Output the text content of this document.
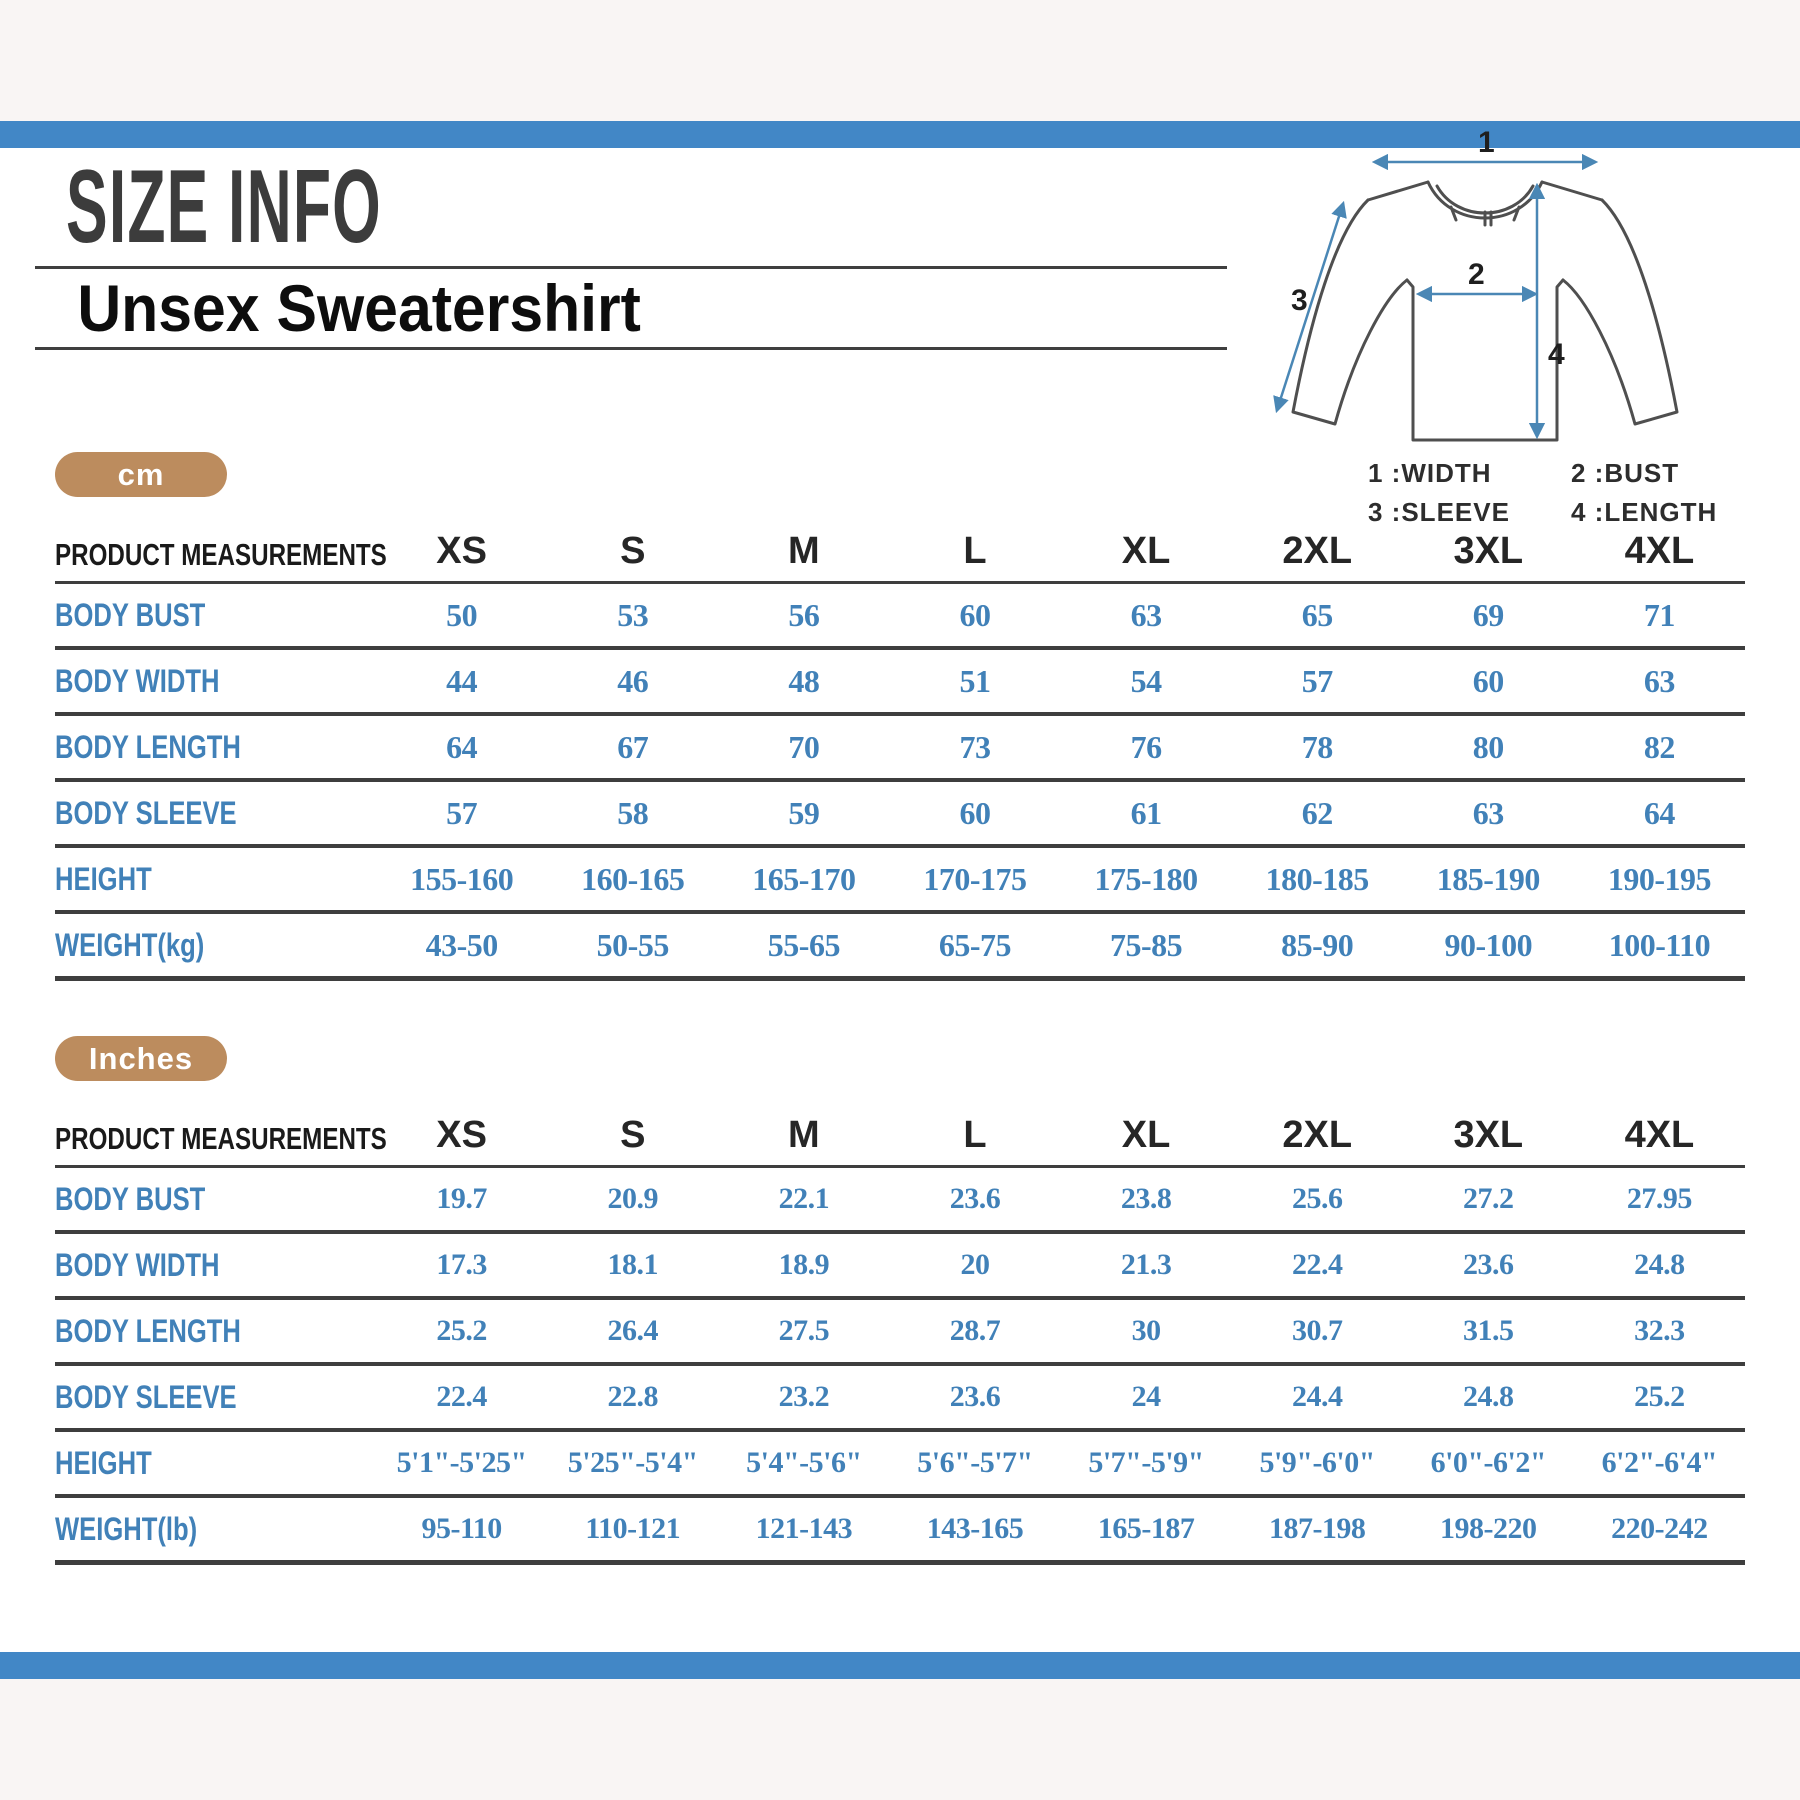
SIZE INFO
Unsex Sweatershirt
1
2
3
4
1 :WIDTH	2 :BUST
3 :SLEEVE	4 :LENGTH
cm
PRODUCT MEASUREMENTS	XS	S	M	L	XL	2XL	3XL	4XL
BODY BUST	50	53	56	60	63	65	69	71
BODY WIDTH	44	46	48	51	54	57	60	63
BODY LENGTH	64	67	70	73	76	78	80	82
BODY SLEEVE	57	58	59	60	61	62	63	64
HEIGHT	155-160	160-165	165-170	170-175	175-180	180-185	185-190	190-195
WEIGHT(kg)	43-50	50-55	55-65	65-75	75-85	85-90	90-100	100-110
Inches
PRODUCT MEASUREMENTS	XS	S	M	L	XL	2XL	3XL	4XL
BODY BUST	19.7	20.9	22.1	23.6	23.8	25.6	27.2	27.95
BODY WIDTH	17.3	18.1	18.9	20	21.3	22.4	23.6	24.8
BODY LENGTH	25.2	26.4	27.5	28.7	30	30.7	31.5	32.3
BODY SLEEVE	22.4	22.8	23.2	23.6	24	24.4	24.8	25.2
HEIGHT	5'1"-5'25"	5'25"-5'4"	5'4"-5'6"	5'6"-5'7"	5'7"-5'9"	5'9"-6'0"	6'0"-6'2"	6'2"-6'4"
WEIGHT(lb)	95-110	110-121	121-143	143-165	165-187	187-198	198-220	220-242
